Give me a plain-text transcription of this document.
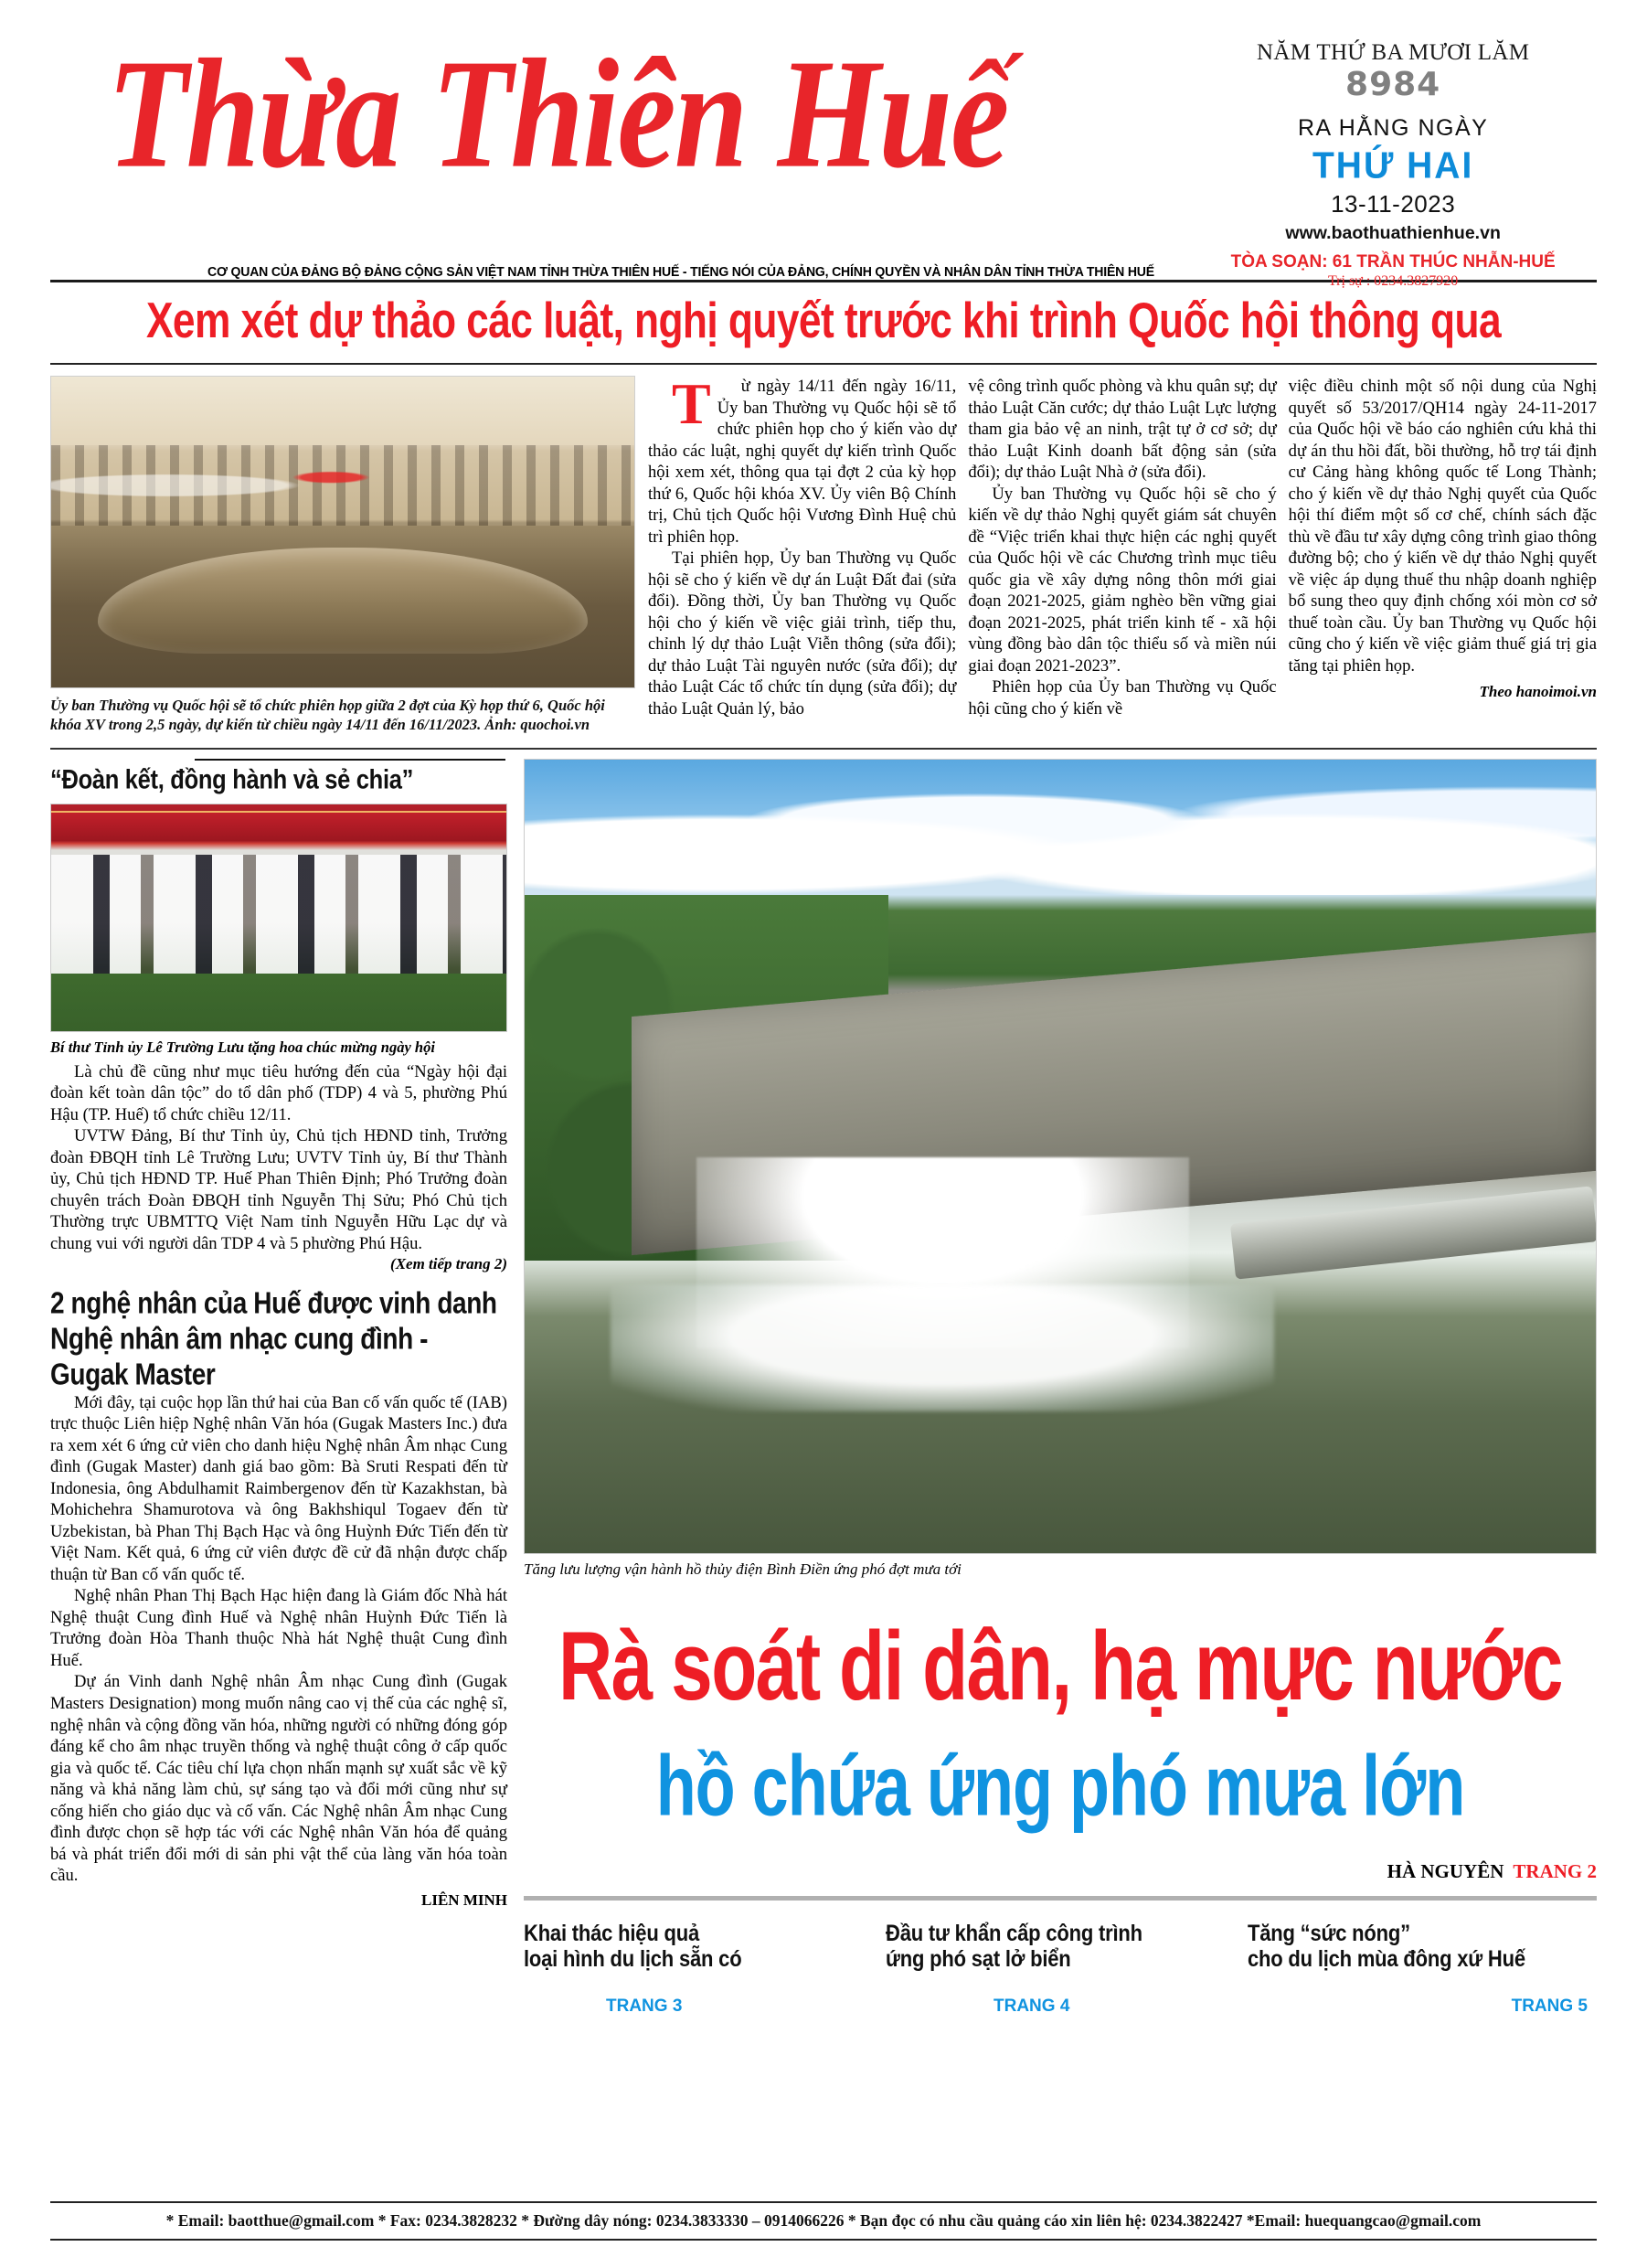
Thừa Thiên Huế
CƠ QUAN CỦA ĐẢNG BỘ ĐẢNG CỘNG SẢN VIỆT NAM TỈNH THỪA THIÊN HUẾ - TIẾNG NÓI CỦA ĐẢNG, CHÍNH QUYỀN VÀ NHÂN DÂN TỈNH THỪA THIÊN HUẾ
NĂM THỨ BA MƯƠI LĂM
8984
RA HẰNG NGÀY
THỨ HAI
13-11-2023
www.baothuathienhue.vn
TÒA SOẠN: 61 TRẦN THÚC NHẪN-HUẾ
Trị sự : 0234.3827920
Xem xét dự thảo các luật, nghị quyết trước khi trình Quốc hội thông qua
Ủy ban Thường vụ Quốc hội sẽ tổ chức phiên họp giữa 2 đợt của Kỳ họp thứ 6, Quốc hội khóa XV trong 2,5 ngày, dự kiến từ chiều ngày 14/11 đến 16/11/2023. Ảnh: quochoi.vn

Từ ngày 14/11 đến ngày 16/11, Ủy ban Thường vụ Quốc hội sẽ tổ chức phiên họp cho ý kiến vào dự thảo các luật, nghị quyết dự kiến trình Quốc hội xem xét, thông qua tại đợt 2 của kỳ họp thứ 6, Quốc hội khóa XV. Ủy viên Bộ Chính trị, Chủ tịch Quốc hội Vương Đình Huệ chủ trì phiên họp.

Tại phiên họp, Ủy ban Thường vụ Quốc hội sẽ cho ý kiến về dự án Luật Đất đai (sửa đổi). Đồng thời, Ủy ban Thường vụ Quốc hội cho ý kiến về việc giải trình, tiếp thu, chỉnh lý dự thảo Luật Viễn thông (sửa đổi); dự thảo Luật Tài nguyên nước (sửa đổi); dự thảo Luật Các tổ chức tín dụng (sửa đổi); dự thảo Luật Quản lý, bảo

vệ công trình quốc phòng và khu quân sự; dự thảo Luật Căn cước; dự thảo Luật Lực lượng tham gia bảo vệ an ninh, trật tự ở cơ sở; dự thảo Luật Kinh doanh bất động sản (sửa đổi); dự thảo Luật Nhà ở (sửa đổi).

Ủy ban Thường vụ Quốc hội sẽ cho ý kiến về dự thảo Nghị quyết giám sát chuyên đề “Việc triển khai thực hiện các nghị quyết của Quốc hội về các Chương trình mục tiêu quốc gia về xây dựng nông thôn mới giai đoạn 2021-2025, giảm nghèo bền vững giai đoạn 2021-2025, phát triển kinh tế - xã hội vùng đồng bào dân tộc thiểu số và miền núi giai đoạn 2021-2023”.

Phiên họp của Ủy ban Thường vụ Quốc hội cũng cho ý kiến về

việc điều chinh một số nội dung của Nghị quyết số 53/2017/QH14 ngày 24-11-2017 của Quốc hội về báo cáo nghiên cứu khả thi dự án thu hồi đất, bồi thường, hỗ trợ tái định cư Cảng hàng không quốc tế Long Thành; cho ý kiến về dự thảo Nghị quyết của Quốc hội thí điểm một số cơ chế, chính sách đặc thù về đầu tư xây dựng công trình giao thông đường bộ; cho ý kiến về dự thảo Nghị quyết về việc áp dụng thuế thu nhập doanh nghiệp bổ sung theo quy định chống xói mòn cơ sở thuế toàn cầu. Ủy ban Thường vụ Quốc hội cũng cho ý kiến về việc giảm thuế giá trị gia tăng tại phiên họp.

Theo hanoimoi.vn
“Đoàn kết, đồng hành và sẻ chia”
Bí thư Tỉnh ủy Lê Trường Lưu tặng hoa chúc mừng ngày hội

Là chủ đề cũng như mục tiêu hướng đến của “Ngày hội đại đoàn kết toàn dân tộc” do tổ dân phố (TDP) 4 và 5, phường Phú Hậu (TP. Huế) tổ chức chiều 12/11.

UVTW Đảng, Bí thư Tỉnh ủy, Chủ tịch HĐND tỉnh, Trưởng đoàn ĐBQH tỉnh Lê Trường Lưu; UVTV Tỉnh ủy, Bí thư Thành ủy, Chủ tịch HĐND TP. Huế Phan Thiên Định; Phó Trưởng đoàn chuyên trách Đoàn ĐBQH tỉnh Nguyễn Thị Sửu; Phó Chủ tịch Thường trực UBMTTQ Việt Nam tỉnh Nguyễn Hữu Lạc dự và chung vui với người dân TDP 4 và 5 phường Phú Hậu.

(Xem tiếp trang 2)
2 nghệ nhân của Huế được vinh danh Nghệ nhân âm nhạc cung đình - Gugak Master

Mới đây, tại cuộc họp lần thứ hai của Ban cố vấn quốc tế (IAB) trực thuộc Liên hiệp Nghệ nhân Văn hóa (Gugak Masters Inc.) đưa ra xem xét 6 ứng cử viên cho danh hiệu Nghệ nhân Âm nhạc Cung đình (Gugak Master) danh giá bao gồm: Bà Sruti Respati đến từ Indonesia, ông Abdulhamit Raimbergenov đến từ Kazakhstan, bà Mohichehra Shamurotova và ông Bakhshiqul Togaev đến từ Uzbekistan, bà Phan Thị Bạch Hạc và ông Huỳnh Đức Tiến đến từ Việt Nam. Kết quả, 6 ứng cử viên được đề cử đã nhận được chấp thuận từ Ban cố vấn quốc tế.

Nghệ nhân Phan Thị Bạch Hạc hiện đang là Giám đốc Nhà hát Nghệ thuật Cung đình Huế và Nghệ nhân Huỳnh Đức Tiến là Trưởng đoàn Hòa Thanh thuộc Nhà hát Nghệ thuật Cung đình Huế.

Dự án Vinh danh Nghệ nhân Âm nhạc Cung đình (Gugak Masters Designation) mong muốn nâng cao vị thế của các nghệ sĩ, nghệ nhân và cộng đồng văn hóa, những người có những đóng góp đáng kể cho âm nhạc truyền thống và nghệ thuật công ở cấp quốc gia và quốc tế. Các tiêu chí lựa chọn nhấn mạnh sự xuất sắc về kỹ năng và khả năng làm chủ, sự sáng tạo và đổi mới cũng như sự cống hiến cho giáo dục và cố vấn. Các Nghệ nhân Âm nhạc Cung đình được chọn sẽ hợp tác với các Nghệ nhân Văn hóa để quảng bá và phát triển đổi mới di sản phi vật thể của làng văn hóa toàn cầu.

LIÊN MINH
Tăng lưu lượng vận hành hồ thủy điện Bình Điền ứng phó đợt mưa tới
Rà soát di dân, hạ mực nước
hồ chứa ứng phó mưa lớn
HÀ NGUYÊN TRANG 2
Khai thác hiệu quả
loại hình du lịch sẵn có
TRANG 3
Đầu tư khẩn cấp công trình
ứng phó sạt lở biển
TRANG 4
Tăng “sức nóng”
cho du lịch mùa đông xứ Huế
TRANG 5
* Email: baotthue@gmail.com * Fax: 0234.3828232 * Đường dây nóng: 0234.3833330 – 0914066226 * Bạn đọc có nhu cầu quảng cáo xin liên hệ: 0234.3822427 *Email: huequangcao@gmail.com
